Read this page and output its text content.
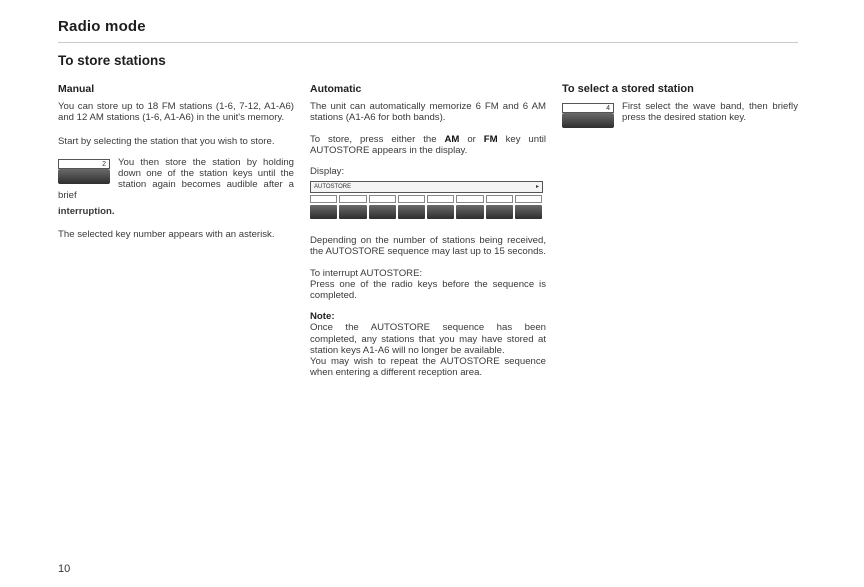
Radio mode
To store stations
Manual

You can store up to 18 FM stations (1-6, 7-12, A1-A6) and 12 AM stations (1-6, A1-A6) in the unit's memory.

Start by selecting the station that you wish to store.

2	You then store the station by holding down one of the station keys until the station again becomes audible after a brief
interruption.

The selected key number appears with an asterisk.

Automatic

The unit can automatically memorize 6 FM and 6 AM stations (A1-A6 for both bands).

To store, press either the AM or FM key until AUTOSTORE appears in the display.

Display:
AUTOSTORE	▸

Depending on the number of stations being received, the AUTOSTORE sequence may last up to 15 seconds.

To interrupt AUTOSTORE:
Press one of the radio keys before the sequence is completed.

Note:

Once the AUTOSTORE sequence has been completed, any stations that you may have stored at station keys A1-A6 will no longer be available.

You may wish to repeat the AUTOSTORE sequence when entering a different reception area.

To select a stored station
4	First select the wave band, then briefly press the desired station key.
10
